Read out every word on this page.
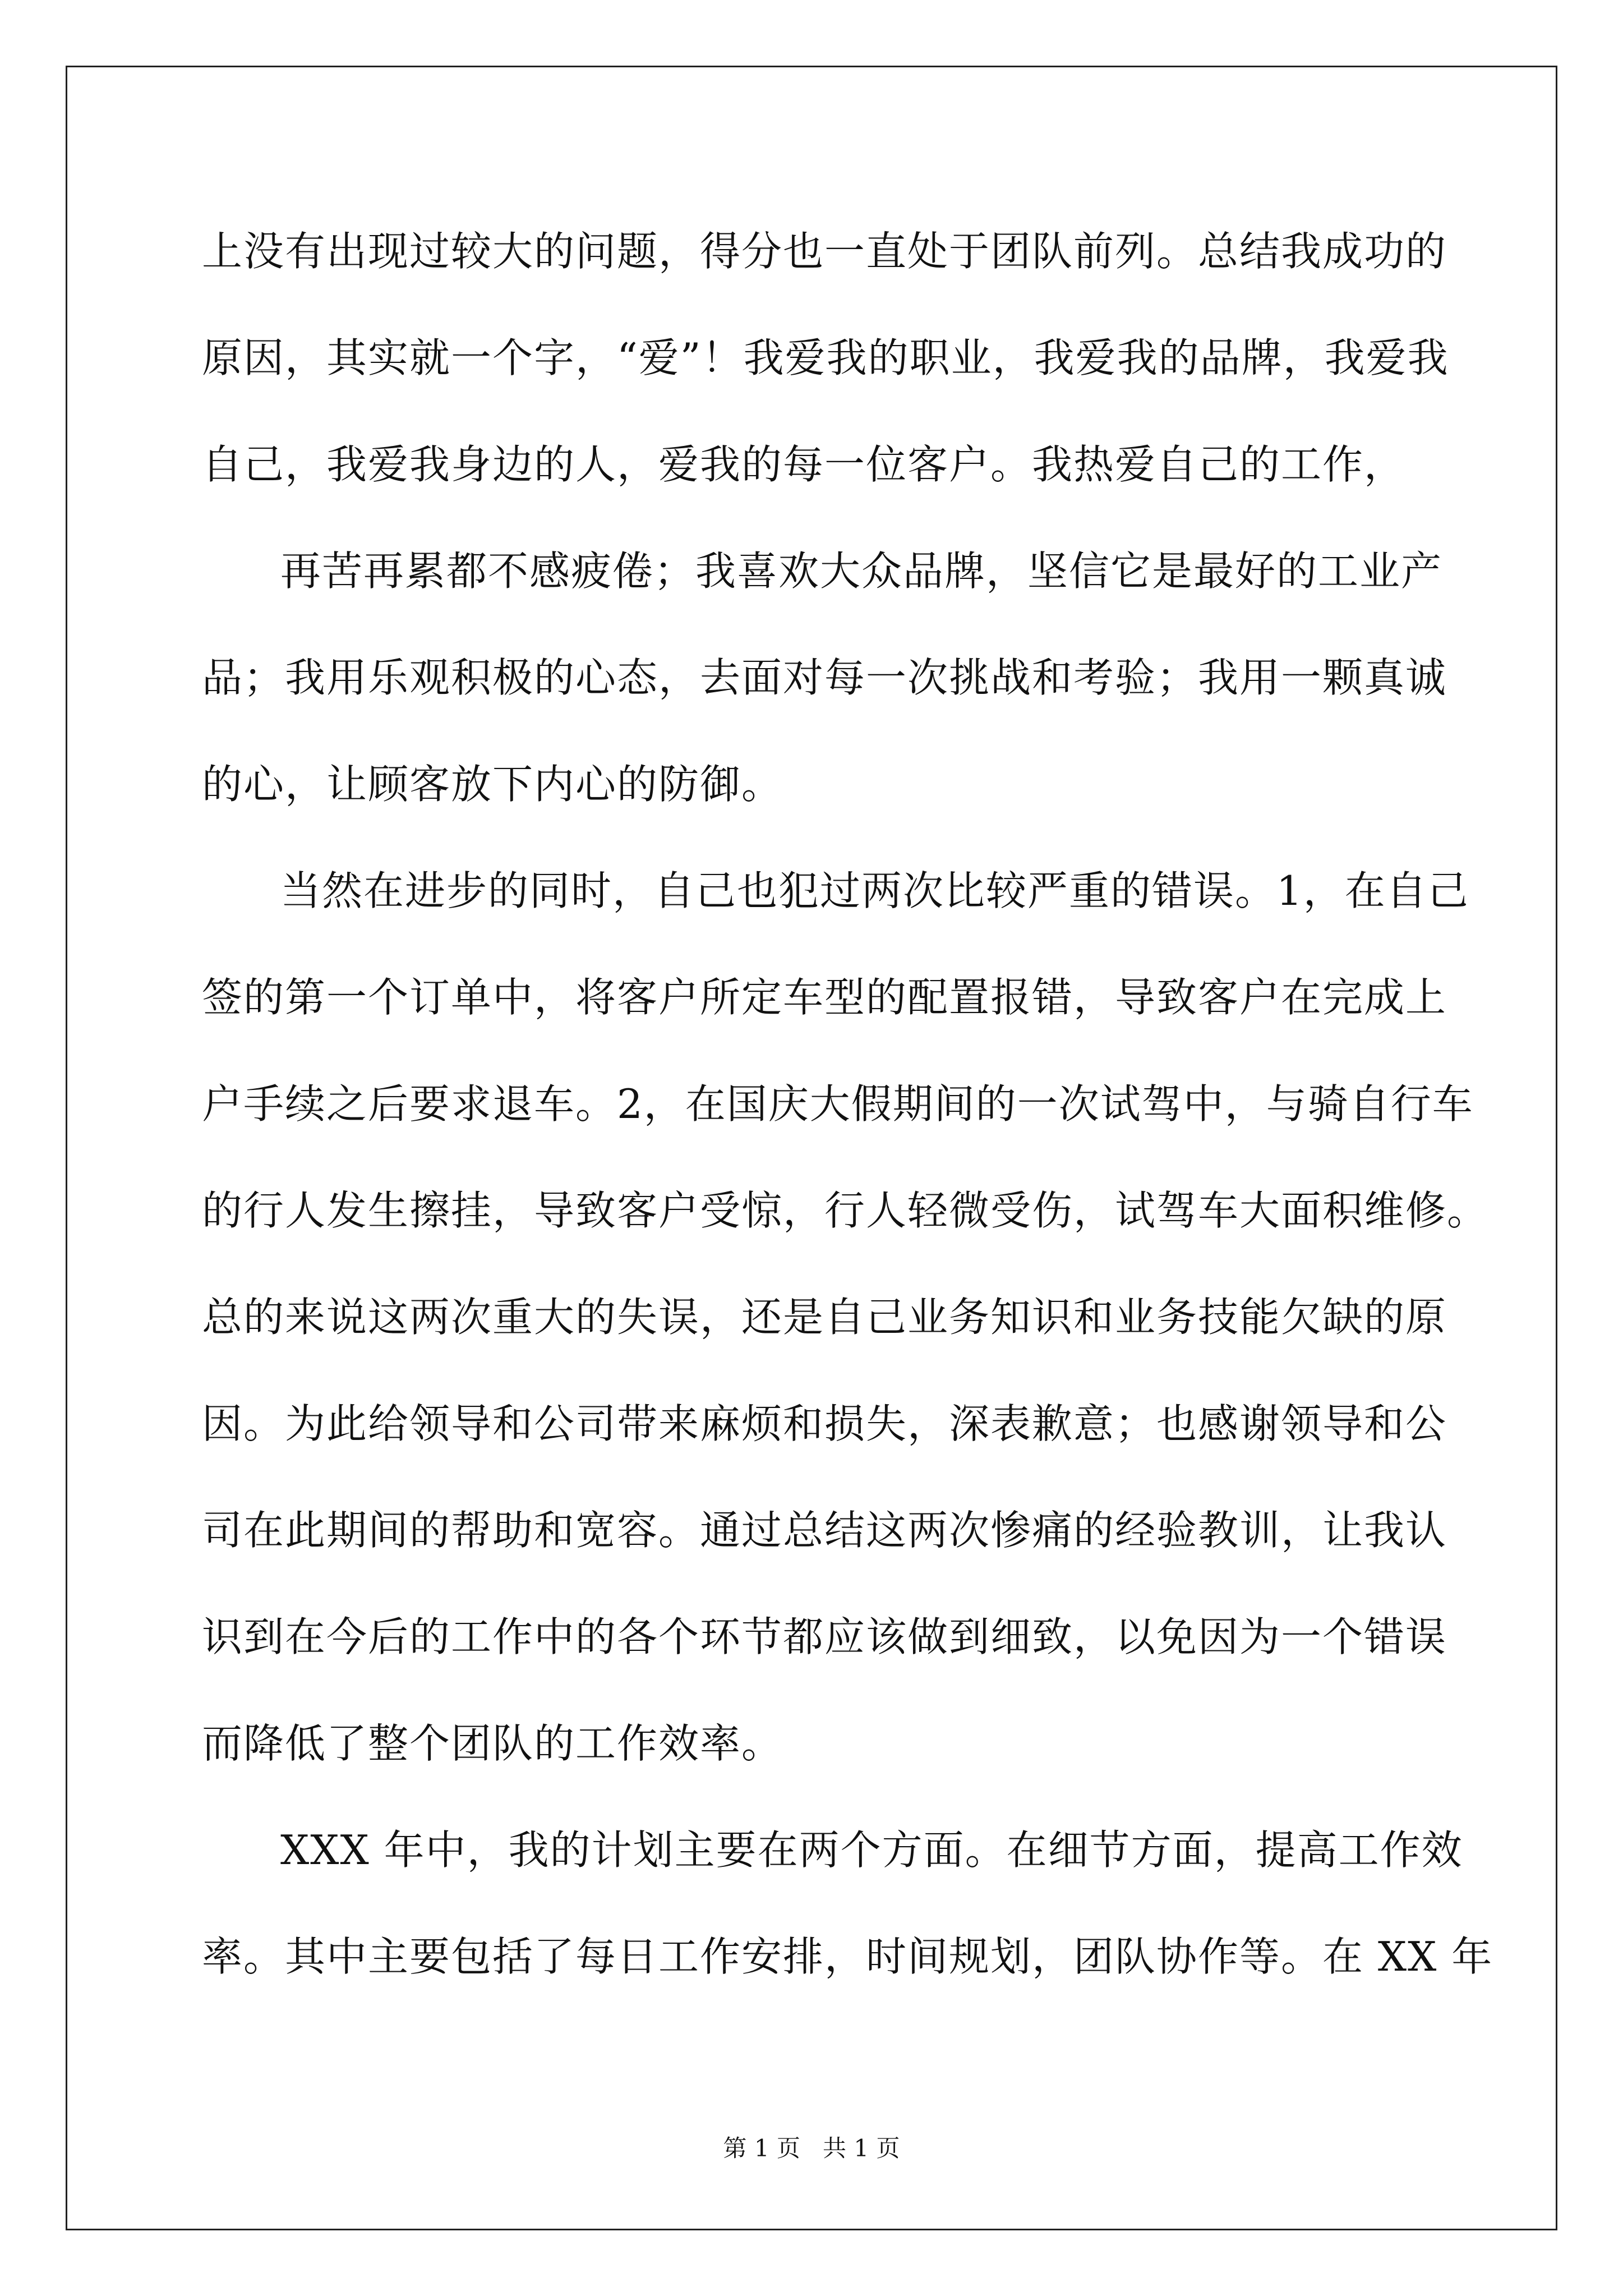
上没有出现过较大的问题，得分也一直处于团队前列。总结我成功的
原因，其实就一个字，“爱”！我爱我的职业，我爱我的品牌，我爱我
自己，我爱我身边的人，爱我的每一位客户。我热爱自己的工作，
再苦再累都不感疲倦；我喜欢大众品牌，坚信它是最好的工业产
品；我用乐观积极的心态，去面对每一次挑战和考验；我用一颗真诚
的心，让顾客放下内心的防御。
当然在进步的同时，自己也犯过两次比较严重的错误。1，在自己
签的第一个订单中，将客户所定车型的配置报错，导致客户在完成上
户手续之后要求退车。2，在国庆大假期间的一次试驾中，与骑自行车
的行人发生擦挂，导致客户受惊，行人轻微受伤，试驾车大面积维修。
总的来说这两次重大的失误，还是自己业务知识和业务技能欠缺的原
因。为此给领导和公司带来麻烦和损失，深表歉意；也感谢领导和公
司在此期间的帮助和宽容。通过总结这两次惨痛的经验教训，让我认
识到在今后的工作中的各个环节都应该做到细致，以免因为一个错误
而降低了整个团队的工作效率。
XXX 年中，我的计划主要在两个方面。在细节方面，提高工作效
率。其中主要包括了每日工作安排，时间规划，团队协作等。在 XX 年
第 1 页   共 1 页
